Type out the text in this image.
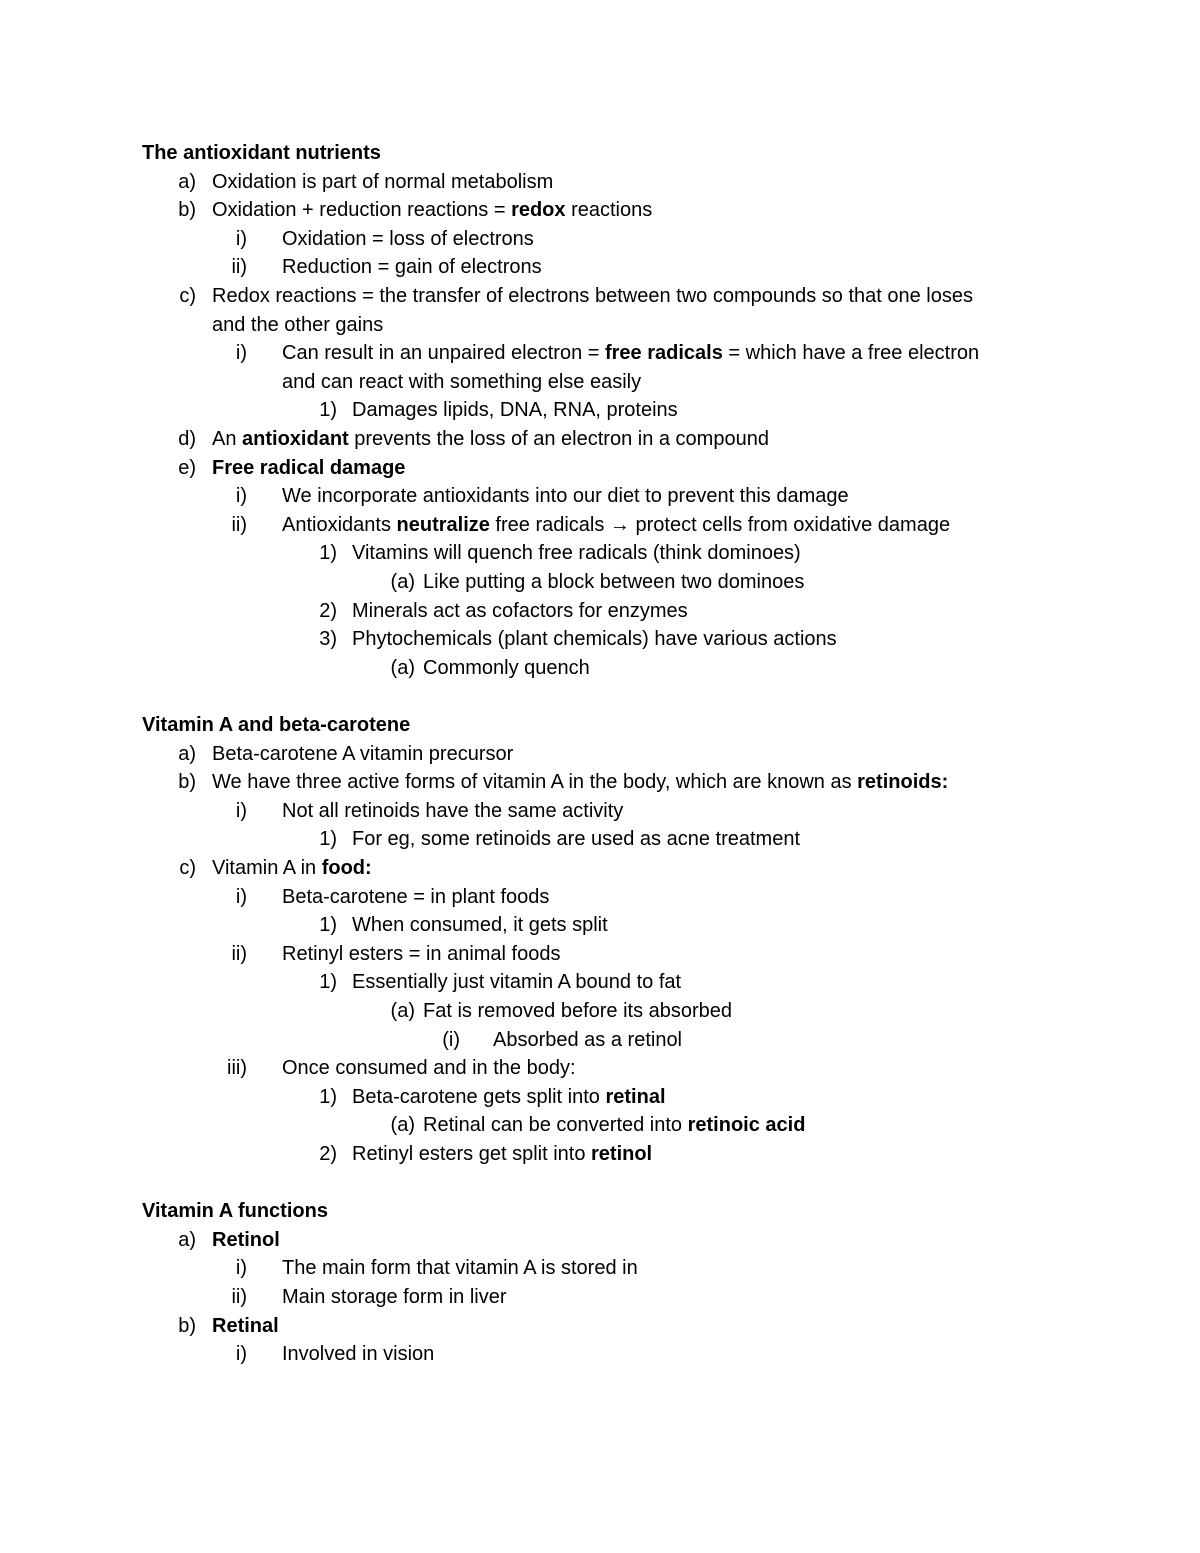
The antioxidant nutrients
a) Oxidation is part of normal metabolism
b) Oxidation + reduction reactions = redox reactions
i) Oxidation = loss of electrons
ii) Reduction = gain of electrons
c) Redox reactions = the transfer of electrons between two compounds so that one loses
and the other gains
i) Can result in an unpaired electron = free radicals = which have a free electron
and can react with something else easily
1) Damages lipids, DNA, RNA, proteins
d) An antioxidant prevents the loss of an electron in a compound
e) Free radical damage
i) We incorporate antioxidants into our diet to prevent this damage
ii) Antioxidants neutralize free radicals → protect cells from oxidative damage
1) Vitamins will quench free radicals (think dominoes)
(a) Like putting a block between two dominoes
2) Minerals act as cofactors for enzymes
3) Phytochemicals (plant chemicals) have various actions
(a) Commonly quench
Vitamin A and beta-carotene
a) Beta-carotene A vitamin precursor
b) We have three active forms of vitamin A in the body, which are known as retinoids:
i) Not all retinoids have the same activity
1) For eg, some retinoids are used as acne treatment
c) Vitamin A in food:
i) Beta-carotene = in plant foods
1) When consumed, it gets split
ii) Retinyl esters = in animal foods
1) Essentially just vitamin A bound to fat
(a) Fat is removed before its absorbed
(i) Absorbed as a retinol
iii) Once consumed and in the body:
1) Beta-carotene gets split into retinal
(a) Retinal can be converted into retinoic acid
2) Retinyl esters get split into retinol
Vitamin A functions
a) Retinol
i) The main form that vitamin A is stored in
ii) Main storage form in liver
b) Retinal
i) Involved in vision
